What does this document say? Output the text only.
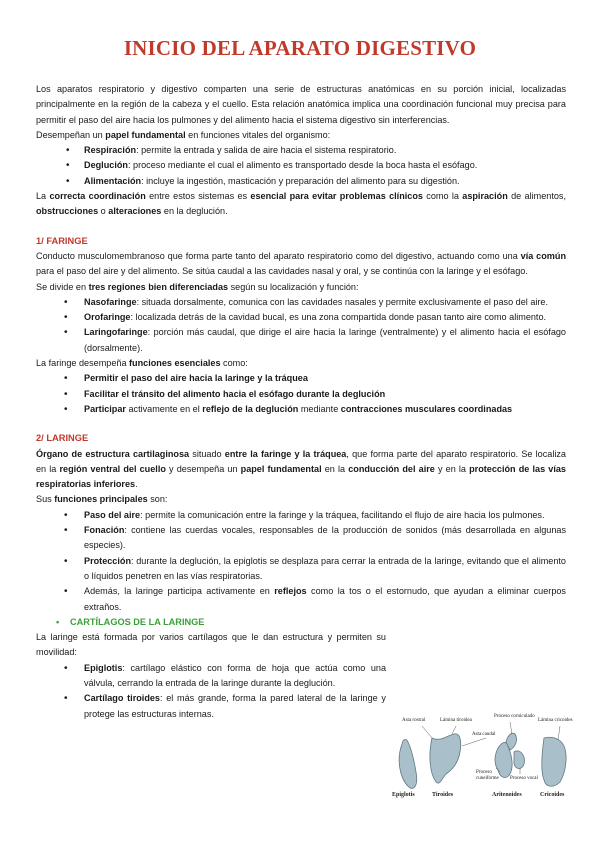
INICIO DEL APARATO DIGESTIVO

Los aparatos respiratorio y digestivo comparten una serie de estructuras anatómicas en su porción inicial, localizadas principalmente en la región de la cabeza y el cuello. Esta relación anatómica implica una coordinación funcional muy precisa para permitir el paso del aire hacia los pulmones y del alimento hacia el sistema digestivo sin interferencias.

Desempeñan un papel fundamental en funciones vitales del organismo:

• Respiración: permite la entrada y salida de aire hacia el sistema respiratorio.
• Deglución: proceso mediante el cual el alimento es transportado desde la boca hasta el esófago.
• Alimentación: incluye la ingestión, masticación y preparación del alimento para su digestión.

La correcta coordinación entre estos sistemas es esencial para evitar problemas clínicos como la aspiración de alimentos, obstrucciones o alteraciones en la deglución.

1/ FARINGE

Conducto musculomembranoso que forma parte tanto del aparato respiratorio como del digestivo, actuando como una vía común para el paso del aire y del alimento. Se sitúa caudal a las cavidades nasal y oral, y se continúa con la laringe y el esófago.

Se divide en tres regiones bien diferenciadas según su localización y función:

• Nasofaringe: situada dorsalmente, comunica con las cavidades nasales y permite exclusivamente el paso del aire.
• Orofaringe: localizada detrás de la cavidad bucal, es una zona compartida donde pasan tanto aire como alimento.
• Laringofaringe: porción más caudal, que dirige el aire hacia la laringe (ventralmente) y el alimento hacia el esófago (dorsalmente).

La faringe desempeña funciones esenciales como:

• Permitir el paso del aire hacia la laringe y la tráquea
• Facilitar el tránsito del alimento hacia el esófago durante la deglución
• Participar activamente en el reflejo de la deglución mediante contracciones musculares coordinadas
2/ LARINGE

Órgano de estructura cartilaginosa situado entre la faringe y la tráquea, que forma parte del aparato respiratorio. Se localiza en la región ventral del cuello y desempeña un papel fundamental en la conducción del aire y en la protección de las vías respiratorias inferiores.

Sus funciones principales son:

• Paso del aire: permite la comunicación entre la faringe y la tráquea, facilitando el flujo de aire hacia los pulmones.
• Fonación: contiene las cuerdas vocales, responsables de la producción de sonidos (más desarrollada en algunas especies).
• Protección: durante la deglución, la epiglotis se desplaza para cerrar la entrada de la laringe, evitando que el alimento o líquidos penetren en las vías respiratorias.
• Además, la laringe participa activamente en reflejos como la tos o el estornudo, que ayudan a eliminar cuerpos extraños.
• CARTÍLAGOS DE LA LARINGE

La laringe está formada por varios cartílagos que le dan estructura y permiten su movilidad:

• Epiglotis: cartílago elástico con forma de hoja que actúa como una válvula, cerrando la entrada de la laringe durante la deglución.
• Cartílago tiroides: el más grande, forma la pared lateral de la laringe y protege las estructuras internas.
Asta rostral	Lámina tiroidea
Asta caudal
Proceso corniculado
Lámina cricoides
Proceso cuneiforme	Proceso vocal
Epiglotis	Tiroides	Aritenoides	Cricoides
